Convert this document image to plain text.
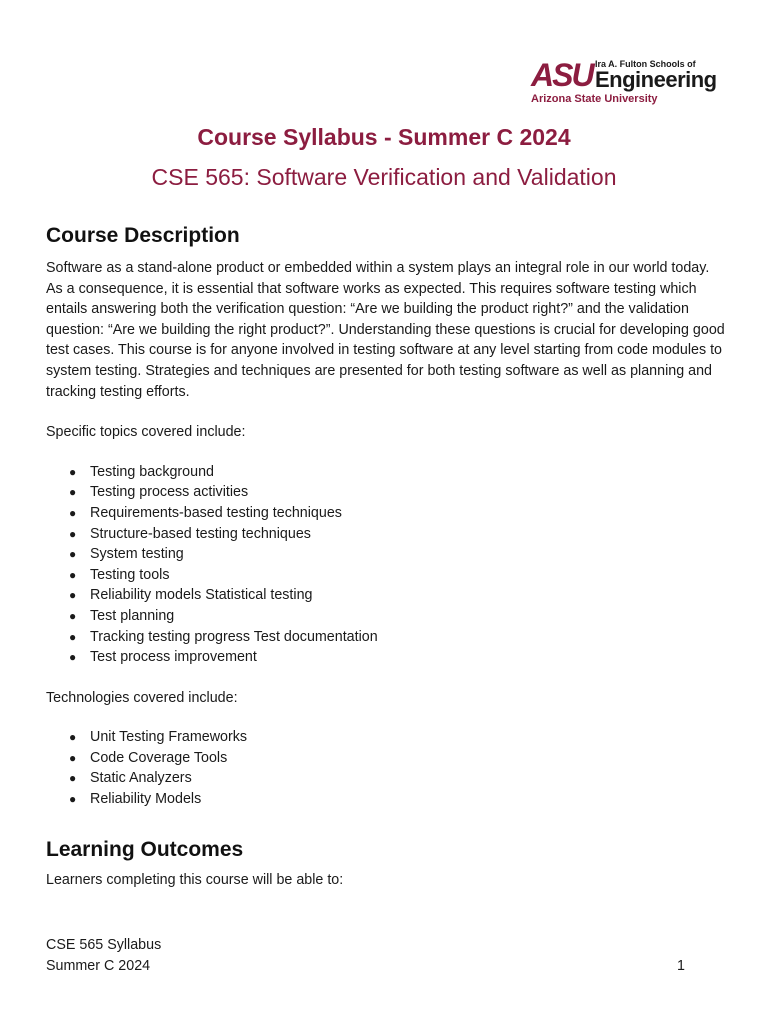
ASU Ira A. Fulton Schools of
Engineering
Arizona State University
Course Syllabus - Summer C 2024
CSE 565: Software Verification and Validation
Course Description

Software as a stand-alone product or embedded within a system plays an integral role in our world today. As a consequence, it is essential that software works as expected. This requires software testing which entails answering both the verification question: “Are we building the product right?” and the validation question: “Are we building the right product?”. Understanding these questions is crucial for developing good test cases. This course is for anyone involved in testing software at any level starting from code modules to system testing. Strategies and techniques are presented for both testing software as well as planning and tracking testing efforts.

Specific topics covered include:

● Testing background
● Testing process activities
● Requirements-based testing techniques
● Structure-based testing techniques
● System testing
● Testing tools
● Reliability models Statistical testing
● Test planning
● Tracking testing progress Test documentation
● Test process improvement

Technologies covered include:

● Unit Testing Frameworks
● Code Coverage Tools
● Static Analyzers
● Reliability Models
Learning Outcomes

Learners completing this course will be able to:

CSE 565 Syllabus
Summer C 2024	1
